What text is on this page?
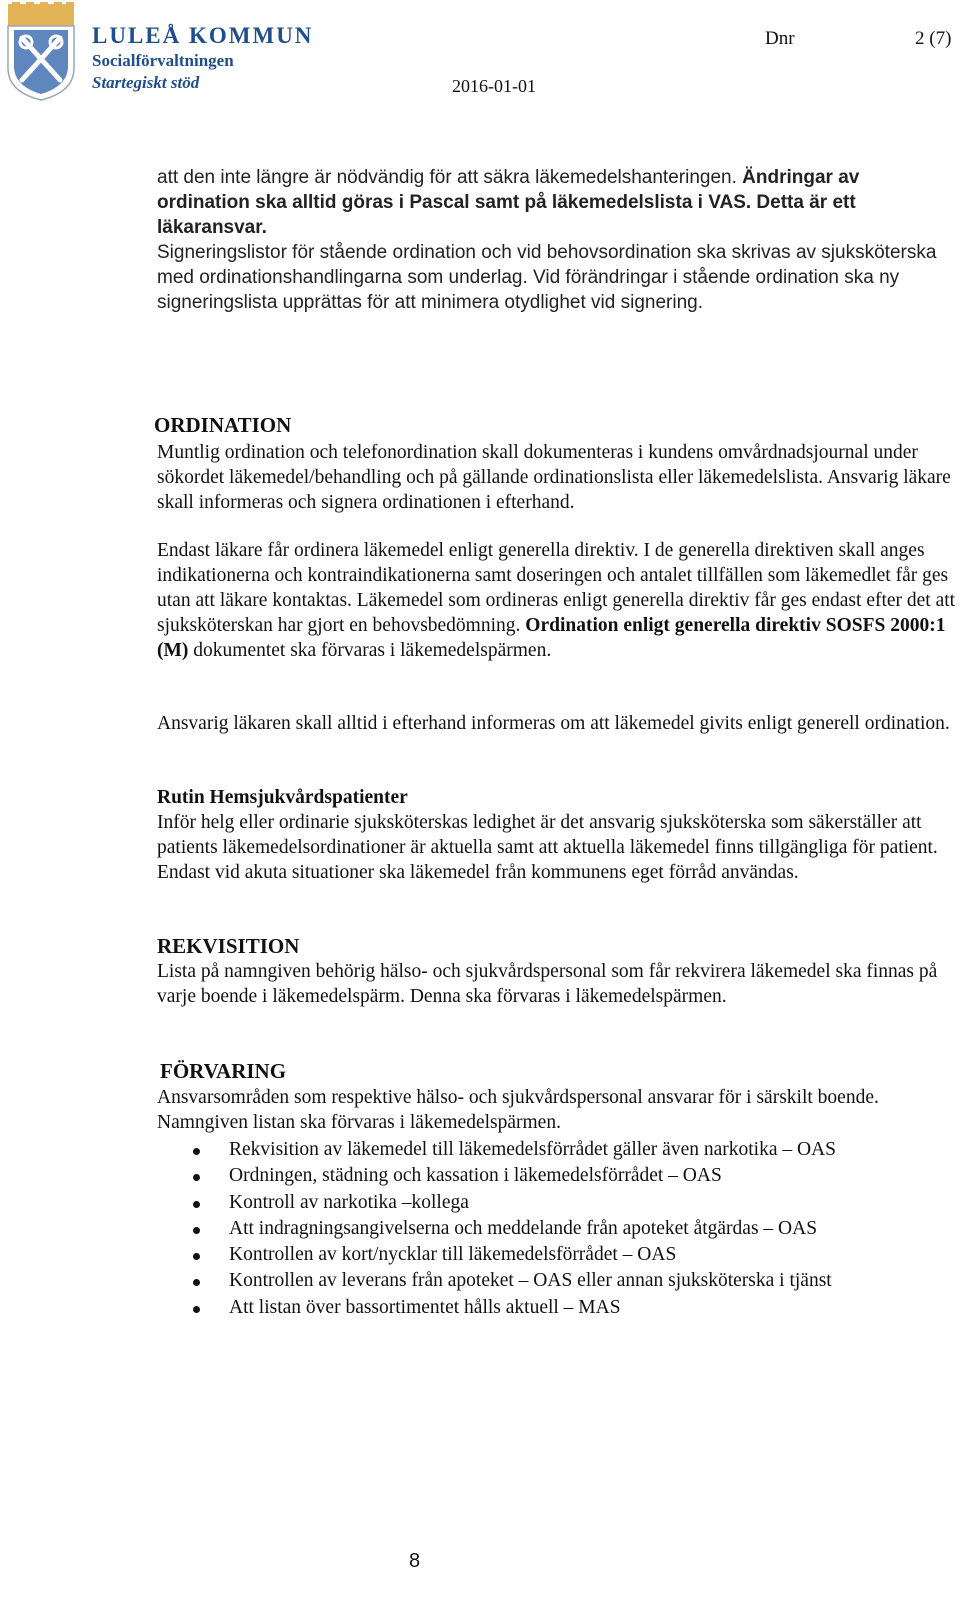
LULEÅ KOMMUN

Socialförvaltningen

Startegiskt stöd

Dnr	2 (7)
2016-01-01

att den inte längre är nödvändig för att säkra läkemedelshanteringen. Ändringar av ordination ska alltid göras i Pascal samt på läkemedelslista i VAS. Detta är ett läkaransvar.

Signeringslistor för stående ordination och vid behovsordination ska skrivas av sjuksköterska med ordinationshandlingarna som underlag. Vid förändringar i stående ordination ska ny signeringslista upprättas för att minimera otydlighet vid signering.

ORDINATION

Muntlig ordination och telefonordination skall dokumenteras i kundens omvårdnadsjournal under sökordet läkemedel/behandling och på gällande ordinationslista eller läkemedelslista. Ansvarig läkare skall informeras och signera ordinationen i efterhand.

Endast läkare får ordinera läkemedel enligt generella direktiv. I de generella direktiven skall anges indikationerna och kontraindikationerna samt doseringen och antalet tillfällen som läkemedlet får ges utan att läkare kontaktas. Läkemedel som ordineras enligt generella direktiv får ges endast efter det att sjuksköterskan har gjort en behovsbedömning. Ordination enligt generella direktiv SOSFS 2000:1 (M) dokumentet ska förvaras i läkemedelspärmen.

Ansvarig läkaren skall alltid i efterhand informeras om att läkemedel givits enligt generell ordination.

Rutin Hemsjukvårdspatienter

Inför helg eller ordinarie sjuksköterskas ledighet är det ansvarig sjuksköterska som säkerställer att patients läkemedelsordinationer är aktuella samt att aktuella läkemedel finns tillgängliga för patient. Endast vid akuta situationer ska läkemedel från kommunens eget förråd användas.

REKVISITION

Lista på namngiven behörig hälso- och sjukvårdspersonal som får rekvirera läkemedel ska finnas på varje boende i läkemedelspärm. Denna ska förvaras i läkemedelspärmen.

FÖRVARING

Ansvarsområden som respektive hälso- och sjukvårdspersonal ansvarar för i särskilt boende. Namngiven listan ska förvaras i läkemedelspärmen.

Rekvisition av läkemedel till läkemedelsförrådet gäller även narkotika – OAS
Ordningen, städning och kassation i läkemedelsförrådet – OAS
Kontroll av narkotika –kollega
Att indragningsangivelserna och meddelande från apoteket åtgärdas – OAS
Kontrollen av kort/nycklar till läkemedelsförrådet – OAS
Kontrollen av leverans från apoteket – OAS eller annan sjuksköterska i tjänst
Att listan över bassortimentet hålls aktuell – MAS
8
